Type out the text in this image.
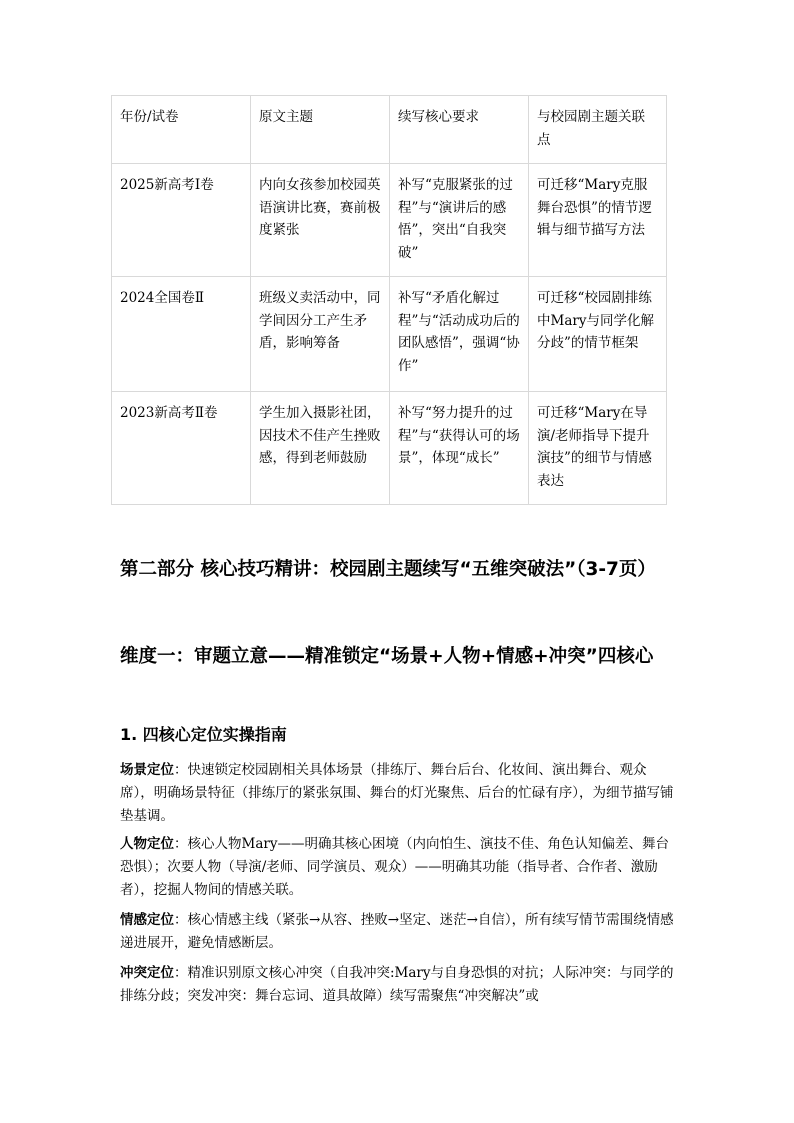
年份/试卷	原文主题	续写核心要求	与校园剧主题关联点
2025新高考Ⅰ卷	内向女孩参加校园英语演讲比赛，赛前极度紧张	补写“克服紧张的过程”与“演讲后的感悟”，突出“自我突破”	可迁移“Mary克服舞台恐惧”的情节逻辑与细节描写方法
2024全国卷Ⅱ	班级义卖活动中，同学间因分工产生矛盾，影响筹备	补写“矛盾化解过程”与“活动成功后的团队感悟”，强调“协作”	可迁移“校园剧排练中Mary与同学化解分歧”的情节框架
2023新高考Ⅱ卷	学生加入摄影社团，因技术不佳产生挫败感，得到老师鼓励	补写“努力提升的过程”与“获得认可的场景”，体现“成长”	可迁移“Mary在导演/老师指导下提升演技”的细节与情感表达
第二部分 核心技巧精讲：校园剧主题续写“五维突破法”（3-7页）
维度一：审题立意——精准锁定“场景+人物+情感+冲突”四核心
1. 四核心定位实操指南
场景定位：快速锁定校园剧相关具体场景（排练厅、舞台后台、化妆间、演出舞台、观众席），明确场景特征（排练厅的紧张氛围、舞台的灯光聚焦、后台的忙碌有序），为细节描写铺垫基调。
人物定位：核心人物Mary——明确其核心困境（内向怕生、演技不佳、角色认知偏差、舞台恐惧）；次要人物（导演/老师、同学演员、观众）——明确其功能（指导者、合作者、激励者），挖掘人物间的情感关联。
情感定位：核心情感主线（紧张→从容、挫败→坚定、迷茫→自信），所有续写情节需围绕情感递进展开，避免情感断层。
冲突定位：精准识别原文核心冲突（自我冲突:Mary与自身恐惧的对抗；人际冲突：与同学的排练分歧；突发冲突：舞台忘词、道具故障）续写需聚焦“冲突解决”或
